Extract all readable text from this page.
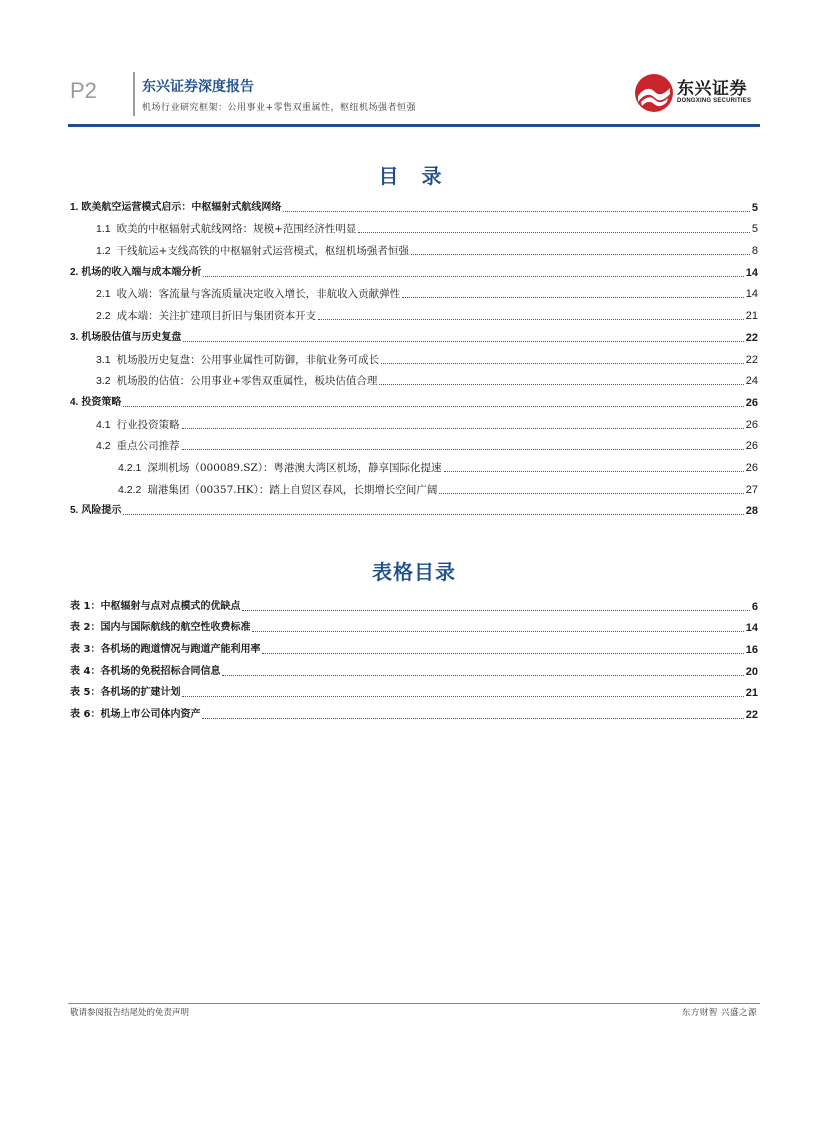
P2	东兴证券深度报告
机场行业研究框架：公用事业+零售双重属性，枢纽机场强者恒强
东兴证券
DONGXING SECURITIES
目 录
1. 欧美航空运营模式启示：中枢辐射式航线网络	5
1.1 欧美的中枢辐射式航线网络：规模+范围经济性明显	5
1.2 干线航运+支线高铁的中枢辐射式运营模式，枢纽机场强者恒强	8
2. 机场的收入端与成本端分析	14
2.1 收入端：客流量与客流质量决定收入增长，非航收入贡献弹性	14
2.2 成本端：关注扩建项目折旧与集团资本开支	21
3. 机场股估值与历史复盘	22
3.1 机场股历史复盘：公用事业属性可防御，非航业务可成长	22
3.2 机场股的估值：公用事业+零售双重属性，板块估值合理	24
4. 投资策略	26
4.1 行业投资策略	26
4.2 重点公司推荐	26
4.2.1 深圳机场（000089.SZ）：粤港澳大湾区机场，静享国际化提速	26
4.2.2 瑞港集团（00357.HK）：踏上自贸区春风，长期增长空间广阔	27
5. 风险提示	28
表格目录
表 1：中枢辐射与点对点模式的优缺点	6
表 2：国内与国际航线的航空性收费标准	14
表 3：各机场的跑道情况与跑道产能利用率	16
表 4：各机场的免税招标合同信息	20
表 5：各机场的扩建计划	21
表 6：机场上市公司体内资产	22
敬请参阅报告结尾处的免责声明	东方财智 兴盛之源
